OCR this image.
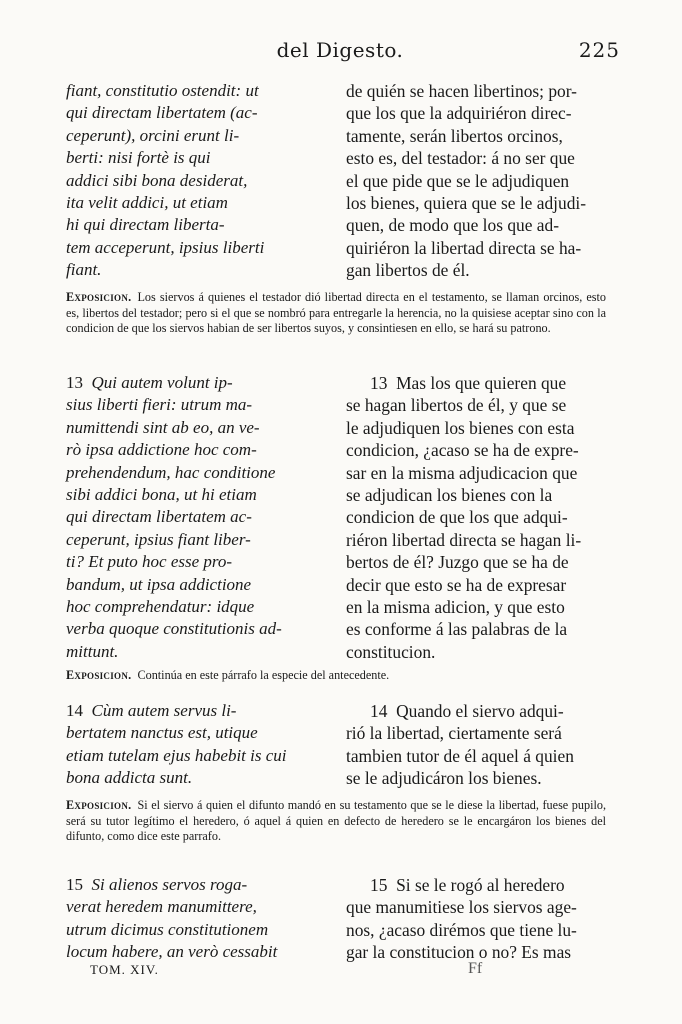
del Digesto.	225
fiant, constitutio ostendit: ut
qui directam libertatem (ac-
ceperunt), orcini erunt li-
berti: nisi fortè is qui
addici sibi bona desiderat,
ita velit addici, ut etiam
hi qui directam liberta-
tem acceperunt, ipsius liberti
fiant.
de quién se hacen libertinos; por-
que los que la adquiriéron direc-
tamente, serán libertos orcinos,
esto es, del testador: á no ser que
el que pide que se le adjudiquen
los bienes, quiera que se le adjudi-
quen, de modo que los que ad-
quiriéron la libertad directa se ha-
gan libertos de él.
Exposicion. Los siervos á quienes el testador dió libertad directa en el testamento, se llaman orcinos, esto es, libertos del testador; pero si el que se nombró para entregarle la herencia, no la quisiese aceptar sino con la condicion de que los siervos habian de ser libertos suyos, y consintiesen en ello, se hará su patrono.
13 Qui autem volunt ip-
sius liberti fieri: utrum ma-
numittendi sint ab eo, an ve-
rò ipsa addictione hoc com-
prehendendum, hac conditione
sibi addici bona, ut hi etiam
qui directam libertatem ac-
ceperunt, ipsius fiant liber-
ti? Et puto hoc esse pro-
bandum, ut ipsa addictione
hoc comprehendatur: idque
verba quoque constitutionis ad-
mittunt.
13 Mas los que quieren que
se hagan libertos de él, y que se
le adjudiquen los bienes con esta
condicion, ¿acaso se ha de expre-
sar en la misma adjudicacion que
se adjudican los bienes con la
condicion de que los que adqui-
riéron libertad directa se hagan li-
bertos de él? Juzgo que se ha de
decir que esto se ha de expresar
en la misma adicion, y que esto
es conforme á las palabras de la
constitucion.
Exposicion. Continúa en este párrafo la especie del antecedente.
14 Cùm autem servus li-
bertatem nanctus est, utique
etiam tutelam ejus habebit is cui
bona addicta sunt.
14 Quando el siervo adqui-
rió la libertad, ciertamente será
tambien tutor de él aquel á quien
se le adjudicáron los bienes.
Exposicion. Si el siervo á quien el difunto mandó en su testamento que se le diese la libertad, fuese pupilo, será su tutor legítimo el heredero, ó aquel á quien en defecto de heredero se le encargáron los bienes del difunto, como dice este parrafo.
15 Si alienos servos roga-
verat heredem manumittere,
utrum dicimus constitutionem
locum habere, an verò cessabit
15 Si se le rogó al heredero
que manumitiese los siervos age-
nos, ¿acaso dirémos que tiene lu-
gar la constitucion o no? Es mas
TOM. XIV.	Ff
